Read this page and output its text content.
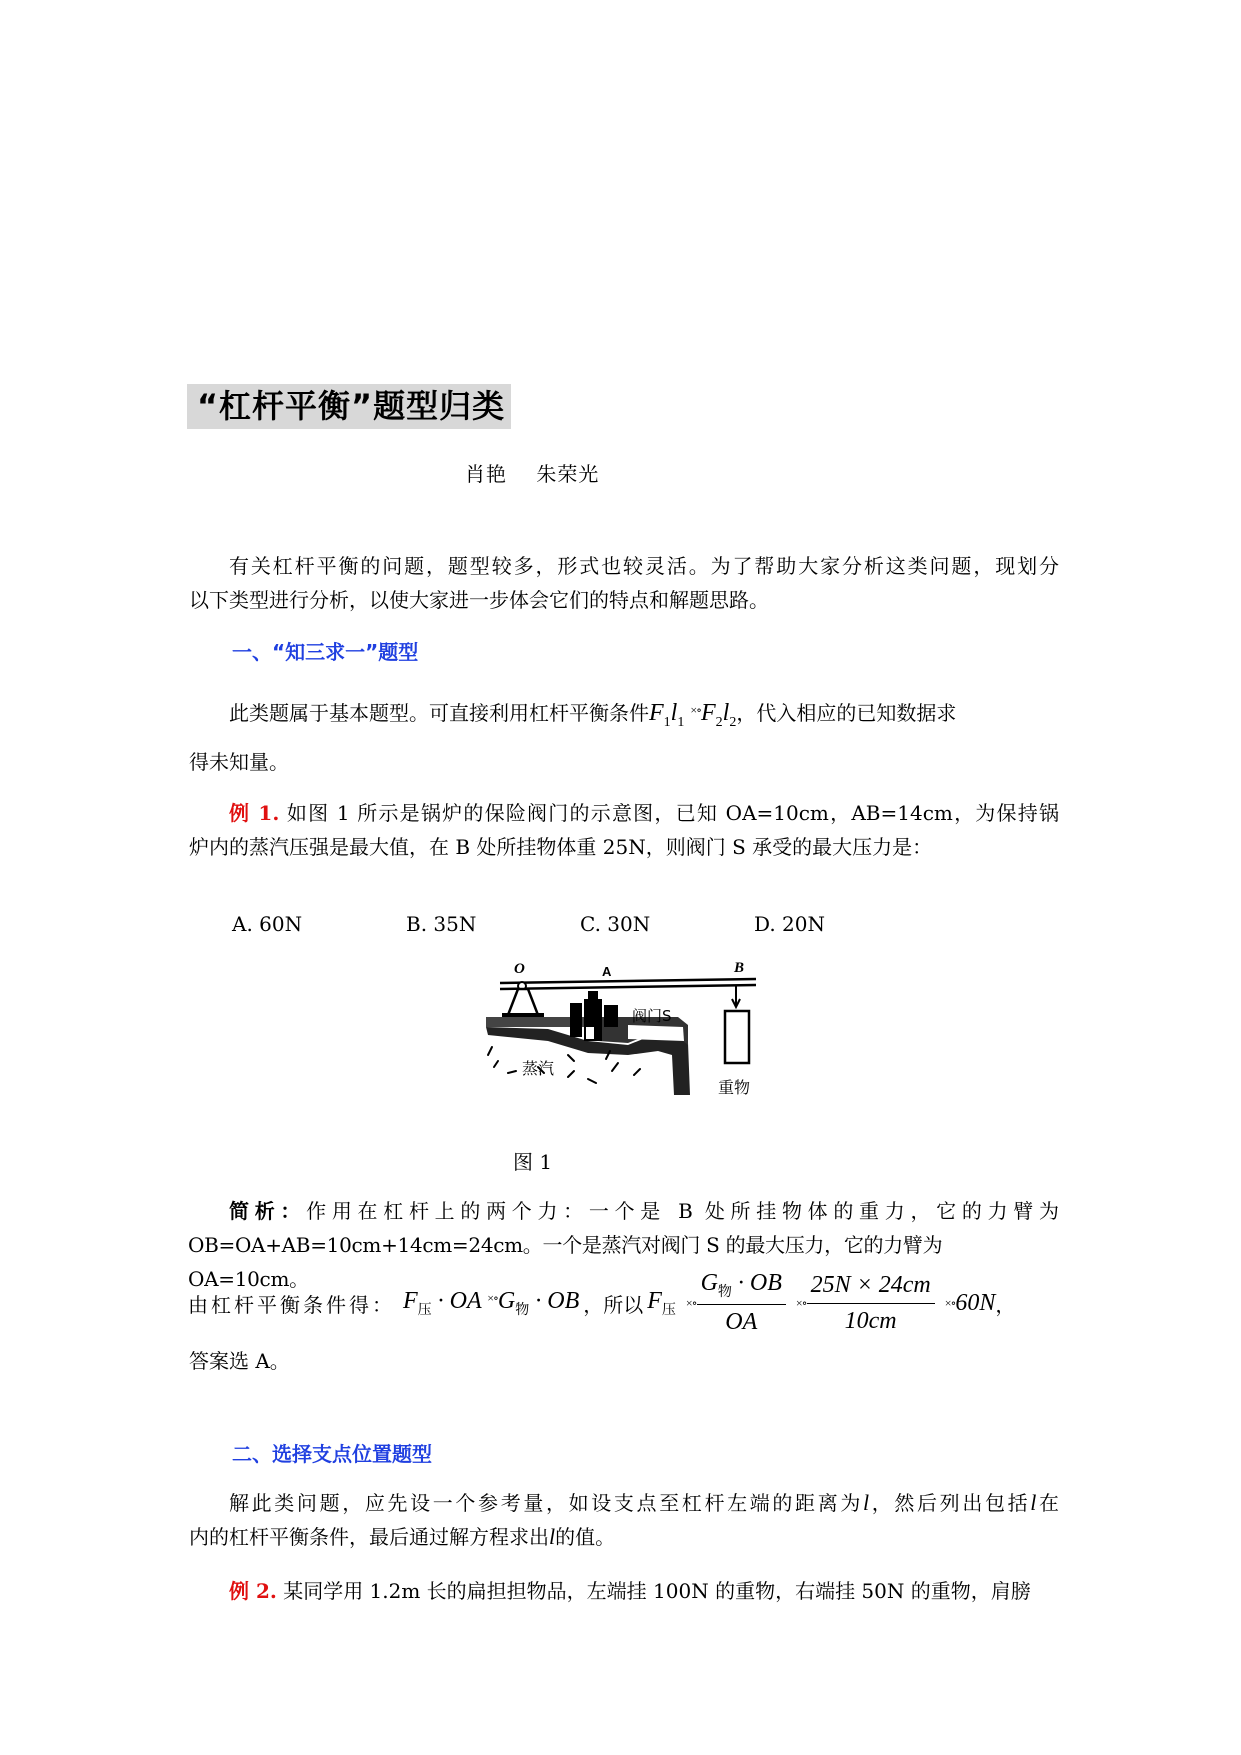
“杠杆平衡”题型归类
肖艳    朱荣光
有关杠杆平衡的问题，题型较多，形式也较灵活。为了帮助大家分析这类问题，现划分
以下类型进行分析，以使大家进一步体会它们的特点和解题思路。
一、“知三求一”题型
此类题属于基本题型。可直接利用杠杆平衡条件$F_1l_1$ $^{\times\circ}F_2l_2$，代入相应的已知数据求
得未知量。
例 1. 如图 1 所示是锅炉的保险阀门的示意图，已知 OA=10cm，AB=14cm，为保持锅
炉内的蒸汽压强是最大值，在 B 处所挂物体重 25N，则阀门 S 承受的最大压力是：
A. 60N	B. 35N	C. 30N	D. 20N
O	A	B
阀门S
蒸汽
重物
图 1
简析：作用在杠杆上的两个力：一个是 B 处所挂物体的重力，它的力臂为
OB=OA+AB=10cm+14cm=24cm。一个是蒸汽对阀门 S 的最大压力，它的力臂为 OA=10cm。
由杠杆平衡条件得： $F_压$ · OA $^{\times\circ}G_物$ · OB ，所以 $F_压$ ×∘ $\frac{G_物 \cdot OB}{OA}$ ×∘ $\frac{25N \times 24cm}{10cm}$ ×∘ 60N ，
答案选 A。
二、选择支点位置题型
解此类问题，应先设一个参考量，如设支点至杠杆左端的距离为l，然后列出包括l在
内的杠杆平衡条件，最后通过解方程求出l的值。
例 2. 某同学用 1.2m 长的扁担担物品，左端挂 100N 的重物，右端挂 50N 的重物，肩膀
